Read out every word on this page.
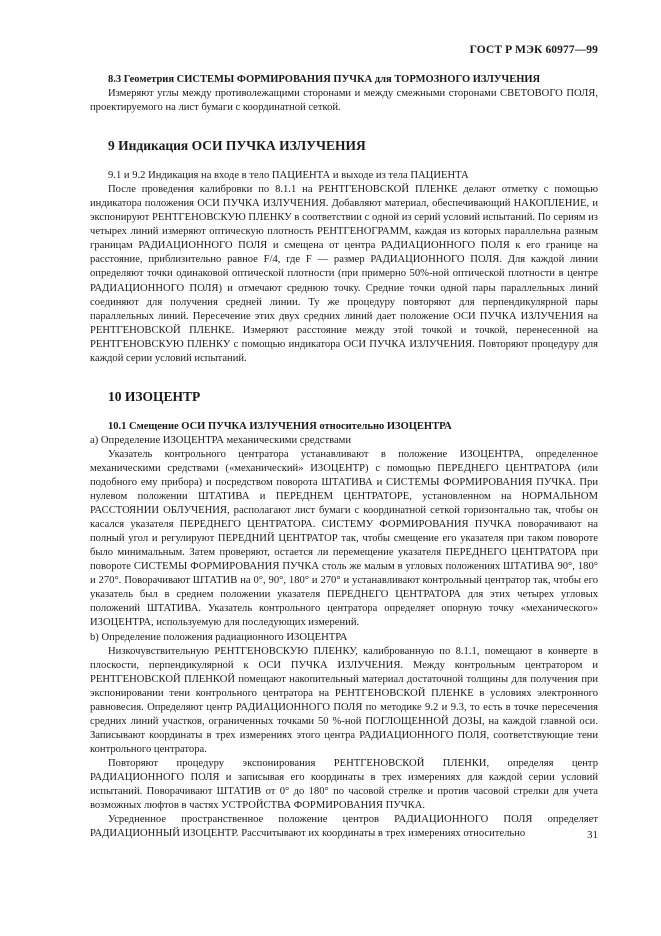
ГОСТ Р МЭК 60977—99

8.3 Геометрия СИСТЕМЫ ФОРМИРОВАНИЯ ПУЧКА для ТОРМОЗНОГО ИЗЛУЧЕНИЯ

Измеряют углы между противолежащими сторонами и между смежными сторонами СВЕТОВОГО ПОЛЯ, проектируемого на лист бумаги с координатной сеткой.

9 Индикация ОСИ ПУЧКА ИЗЛУЧЕНИЯ

9.1 и 9.2 Индикация на входе в тело ПАЦИЕНТА и выходе из тела ПАЦИЕНТА

После проведения калибровки по 8.1.1 на РЕНТГЕНОВСКОЙ ПЛЕНКЕ делают отметку с помощью индикатора положения ОСИ ПУЧКА ИЗЛУЧЕНИЯ. Добавляют материал, обеспечивающий НАКОПЛЕНИЕ, и экспонируют РЕНТГЕНОВСКУЮ ПЛЕНКУ в соответствии с одной из серий условий испытаний. По сериям из четырех линий измеряют оптическую плотность РЕНТГЕНОГРАММ, каждая из которых параллельна разным границам РАДИАЦИОННОГО ПОЛЯ и смещена от центра РАДИАЦИОННОГО ПОЛЯ к его границе на расстояние, приблизительно равное F/4, где F — размер РАДИАЦИОННОГО ПОЛЯ. Для каждой линии определяют точки одинаковой оптической плотности (при примерно 50%-ной оптической плотности в центре РАДИАЦИОННОГО ПОЛЯ) и отмечают среднюю точку. Средние точки одной пары параллельных линий соединяют для получения средней линии. Ту же процедуру повторяют для перпендикулярной пары параллельных линий. Пересечение этих двух средних линий дает положение ОСИ ПУЧКА ИЗЛУЧЕНИЯ на РЕНТГЕНОВСКОЙ ПЛЕНКЕ. Измеряют расстояние между этой точкой и точкой, перенесенной на РЕНТГЕНОВСКУЮ ПЛЕНКУ с помощью индикатора ОСИ ПУЧКА ИЗЛУЧЕНИЯ. Повторяют процедуру для каждой серии условий испытаний.

10 ИЗОЦЕНТР

10.1 Смещение ОСИ ПУЧКА ИЗЛУЧЕНИЯ относительно ИЗОЦЕНТРА

а) Определение ИЗОЦЕНТРА механическими средствами

Указатель контрольного центратора устанавливают в положение ИЗОЦЕНТРА, определенное механическими средствами («механический» ИЗОЦЕНТР) с помощью ПЕРЕДНЕГО ЦЕНТРАТОРА (или подобного ему прибора) и посредством поворота ШТАТИВА и СИСТЕМЫ ФОРМИРОВАНИЯ ПУЧКА. При нулевом положении ШТАТИВА и ПЕРЕДНЕМ ЦЕНТРАТОРЕ, установленном на НОРМАЛЬНОМ РАССТОЯНИИ ОБЛУЧЕНИЯ, располагают лист бумаги с координатной сеткой горизонтально так, чтобы он касался указателя ПЕРЕДНЕГО ЦЕНТРАТОРА. СИСТЕМУ ФОРМИРОВАНИЯ ПУЧКА поворачивают на полный угол и регулируют ПЕРЕДНИЙ ЦЕНТРАТОР так, чтобы смещение его указателя при таком повороте было минимальным. Затем проверяют, остается ли перемещение указателя ПЕРЕДНЕГО ЦЕНТРАТОРА при повороте СИСТЕМЫ ФОРМИРОВАНИЯ ПУЧКА столь же малым в угловых положениях ШТАТИВА 90°, 180° и 270°. Поворачивают ШТАТИВ на 0°, 90°, 180° и 270° и устанавливают контрольный центратор так, чтобы его указатель был в среднем положении указателя ПЕРЕДНЕГО ЦЕНТРАТОРА для этих четырех угловых положений ШТАТИВА. Указатель контрольного центратора определяет опорную точку «механического» ИЗОЦЕНТРА, используемую для последующих измерений.

b) Определение положения радиационного ИЗОЦЕНТРА

Низкочувствительную РЕНТГЕНОВСКУЮ ПЛЕНКУ, калиброванную по 8.1.1, помещают в конверте в плоскости, перпендикулярной к ОСИ ПУЧКА ИЗЛУЧЕНИЯ. Между контрольным центратором и РЕНТГЕНОВСКОЙ ПЛЕНКОЙ помещают накопительный материал достаточной толщины для получения при экспонировании тени контрольного центратора на РЕНТГЕНОВСКОЙ ПЛЕНКЕ в условиях электронного равновесия. Определяют центр РАДИАЦИОННОГО ПОЛЯ по методике 9.2 и 9.3, то есть в точке пересечения средних линий участков, ограниченных точками 50 %-ной ПОГЛОЩЕННОЙ ДОЗЫ, на каждой главной оси. Записывают координаты в трех измерениях этого центра РАДИАЦИОННОГО ПОЛЯ, соответствующие тени контрольного центратора.

Повторяют процедуру экспонирования РЕНТГЕНОВСКОЙ ПЛЕНКИ, определяя центр РАДИАЦИОННОГО ПОЛЯ и записывая его координаты в трех измерениях для каждой серии условий испытаний. Поворачивают ШТАТИВ от 0° до 180° по часовой стрелке и против часовой стрелки для учета возможных люфтов в частях УСТРОЙСТВА ФОРМИРОВАНИЯ ПУЧКА.

Усредненное пространственное положение центров РАДИАЦИОННОГО ПОЛЯ определяет РАДИАЦИОННЫЙ ИЗОЦЕНТР. Рассчитывают их координаты в трех измерениях относительно	31
